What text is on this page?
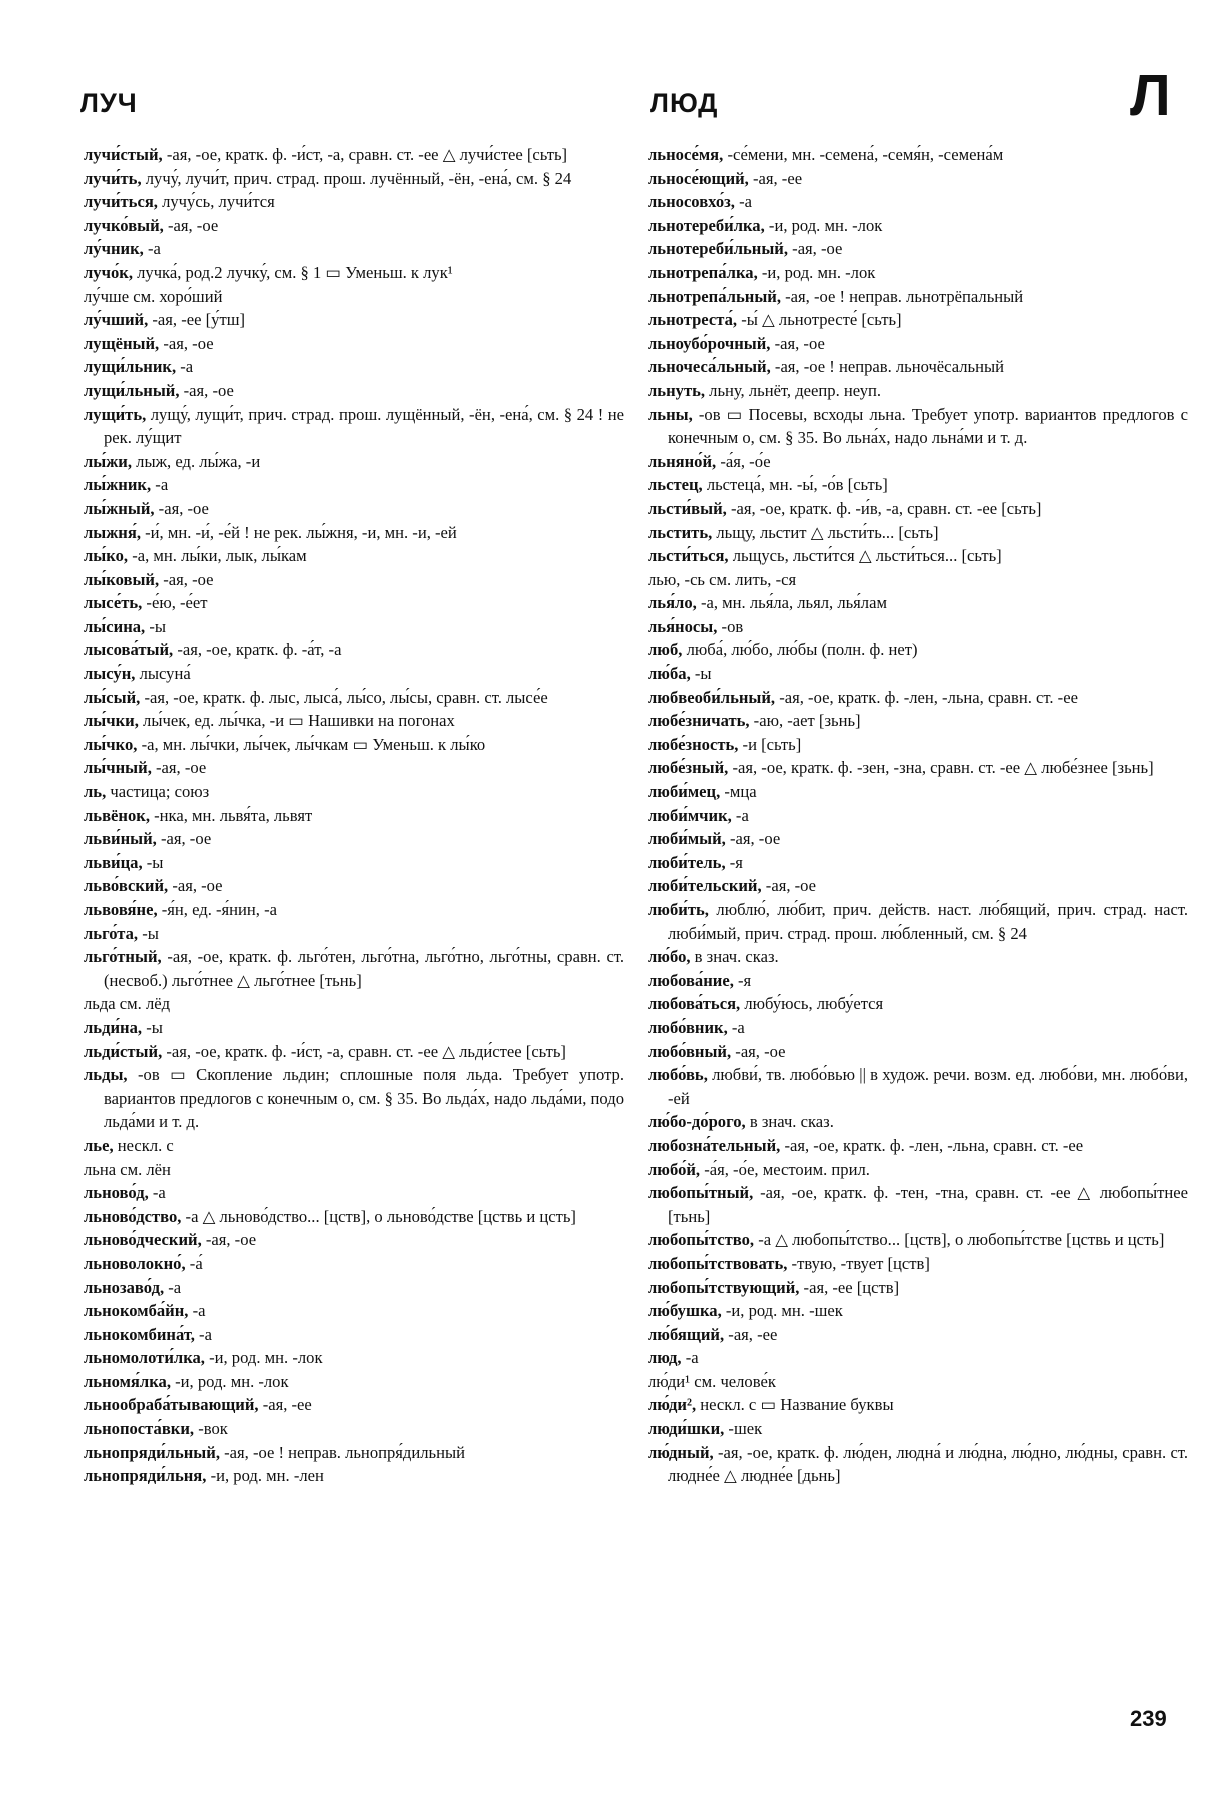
ЛУЧ	ЛЮД	Л

лучи́стый, -ая, -ое, кратк. ф. -и́ст, -а, сравн. ст. -ее △ лучи́стее [сьть]

лучи́ть, лучу́, лучи́т, прич. страд. прош. лучённый, -ён, -ена́, см. § 24

лучи́ться, лучу́сь, лучи́тся

лучко́вый, -ая, -ое

лу́чник, -а

лучо́к, лучка́, род.2 лучку́, см. § 1 ▭ Уменьш. к лук¹

лу́чше см. хоро́ший

лу́чший, -ая, -ее [у́тш]

лущёный, -ая, -ое

лущи́льник, -а

лущи́льный, -ая, -ое

лущи́ть, лущу́, лущи́т, прич. страд. прош. лущённый, -ён, -ена́, см. § 24 ! не рек. лу́щит

лы́жи, лыж, ед. лы́жа, -и

лы́жник, -а

лы́жный, -ая, -ое

лыжня́, -и́, мн. -и́, -е́й ! не рек. лы́жня, -и, мн. -и, -ей

лы́ко, -а, мн. лы́ки, лык, лы́кам

лы́ковый, -ая, -ое

лысе́ть, -е́ю, -е́ет

лы́сина, -ы

лысова́тый, -ая, -ое, кратк. ф. -а́т, -а

лысу́н, лысуна́

лы́сый, -ая, -ое, кратк. ф. лыс, лыса́, лы́со, лы́сы, сравн. ст. лысе́е

лы́чки, лы́чек, ед. лы́чка, -и ▭ Нашивки на погонах

лы́чко, -а, мн. лы́чки, лы́чек, лы́чкам ▭ Уменьш. к лы́ко

лы́чный, -ая, -ое

ль, частица; союз

львёнок, -нка, мн. львя́та, львят

льви́ный, -ая, -ое

льви́ца, -ы

льво́вский, -ая, -ое

львовя́не, -я́н, ед. -я́нин, -а

льго́та, -ы

льго́тный, -ая, -ое, кратк. ф. льго́тен, льго́тна, льго́тно, льго́тны, сравн. ст. (несвоб.) льго́тнее △ льго́тнее [тьнь]

льда см. лёд

льди́на, -ы

льди́стый, -ая, -ое, кратк. ф. -и́ст, -а, сравн. ст. -ее △ льди́стее [сьть]

льды, -ов ▭ Скопление льдин; сплошные поля льда. Требует употр. вариантов предлогов с конечным о, см. § 35. Во льда́х, надо льда́ми, подо льда́ми и т. д.

лье, нескл. с

льна см. лён

льново́д, -а

льново́дство, -а △ льново́дство... [цств], о льново́дстве [цствь и цсть]

льново́дческий, -ая, -ое

льноволокно́, -а́

льнозаво́д, -а

льнокомба́йн, -а

льнокомбина́т, -а

льномолоти́лка, -и, род. мн. -лок

льномя́лка, -и, род. мн. -лок

льнообраба́тывающий, -ая, -ее

льнопоста́вки, -вок

льнопряди́льный, -ая, -ое ! неправ. льнопря́дильный

льнопряди́льня, -и, род. мн. -лен

льносе́мя, -се́мени, мн. -семена́, -семя́н, -семена́м

льносе́ющий, -ая, -ее

льносовхо́з, -а

льнотереби́лка, -и, род. мн. -лок

льнотереби́льный, -ая, -ое

льнотрепа́лка, -и, род. мн. -лок

льнотрепа́льный, -ая, -ое ! неправ. льнотрёпальный

льнотреста́, -ы́ △ льнотресте́ [сьть]

льноубо́рочный, -ая, -ое

льночеса́льный, -ая, -ое ! неправ. льночёсальный

льнуть, льну, льнёт, деепр. неуп.

льны, -ов ▭ Посевы, всходы льна. Требует употр. вариантов предлогов с конечным о, см. § 35. Во льна́х, надо льна́ми и т. д.

льняно́й, -а́я, -о́е

льстец, льстеца́, мн. -ы́, -о́в [сьть]

льсти́вый, -ая, -ое, кратк. ф. -и́в, -а, сравн. ст. -ее [сьть]

льстить, льщу, льстит △ льсти́ть... [сьть]

льсти́ться, льщусь, льсти́тся △ льсти́ться... [сьть]

лью, -сь см. лить, -ся

лья́ло, -а, мн. лья́ла, льял, лья́лам

лья́носы, -ов

люб, люба́, лю́бо, лю́бы (полн. ф. нет)

лю́ба, -ы

любвеоби́льный, -ая, -ое, кратк. ф. -лен, -льна, сравн. ст. -ее

любе́зничать, -аю, -ает [зьнь]

любе́зность, -и [сьть]

любе́зный, -ая, -ое, кратк. ф. -зен, -зна, сравн. ст. -ее △ любе́знее [зьнь]

люби́мец, -мца

люби́мчик, -а

люби́мый, -ая, -ое

люби́тель, -я

люби́тельский, -ая, -ое

люби́ть, люблю́, лю́бит, прич. действ. наст. лю́бящий, прич. страд. наст. люби́мый, прич. страд. прош. лю́бленный, см. § 24

лю́бо, в знач. сказ.

любова́ние, -я

любова́ться, любу́юсь, любу́ется

любо́вник, -а

любо́вный, -ая, -ое

любо́вь, любви́, тв. любо́вью || в худож. речи. возм. ед. любо́ви, мн. любо́ви, -ей

лю́бо-до́рого, в знач. сказ.

любозна́тельный, -ая, -ое, кратк. ф. -лен, -льна, сравн. ст. -ее

любо́й, -а́я, -о́е, местоим. прил.

любопы́тный, -ая, -ое, кратк. ф. -тен, -тна, сравн. ст. -ее △ любопы́тнее [тьнь]

любопы́тство, -а △ любопы́тство... [цств], о любопы́тстве [цствь и цсть]

любопы́тствовать, -твую, -твует [цств]

любопы́тствующий, -ая, -ее [цств]

лю́бушка, -и, род. мн. -шек

лю́бящий, -ая, -ее

люд, -а

лю́ди¹ см. челове́к

лю́ди², нескл. с ▭ Название буквы

люди́шки, -шек

лю́дный, -ая, -ое, кратк. ф. лю́ден, людна́ и лю́дна, лю́дно, лю́дны, сравн. ст. людне́е △ людне́е [дьнь]

239
